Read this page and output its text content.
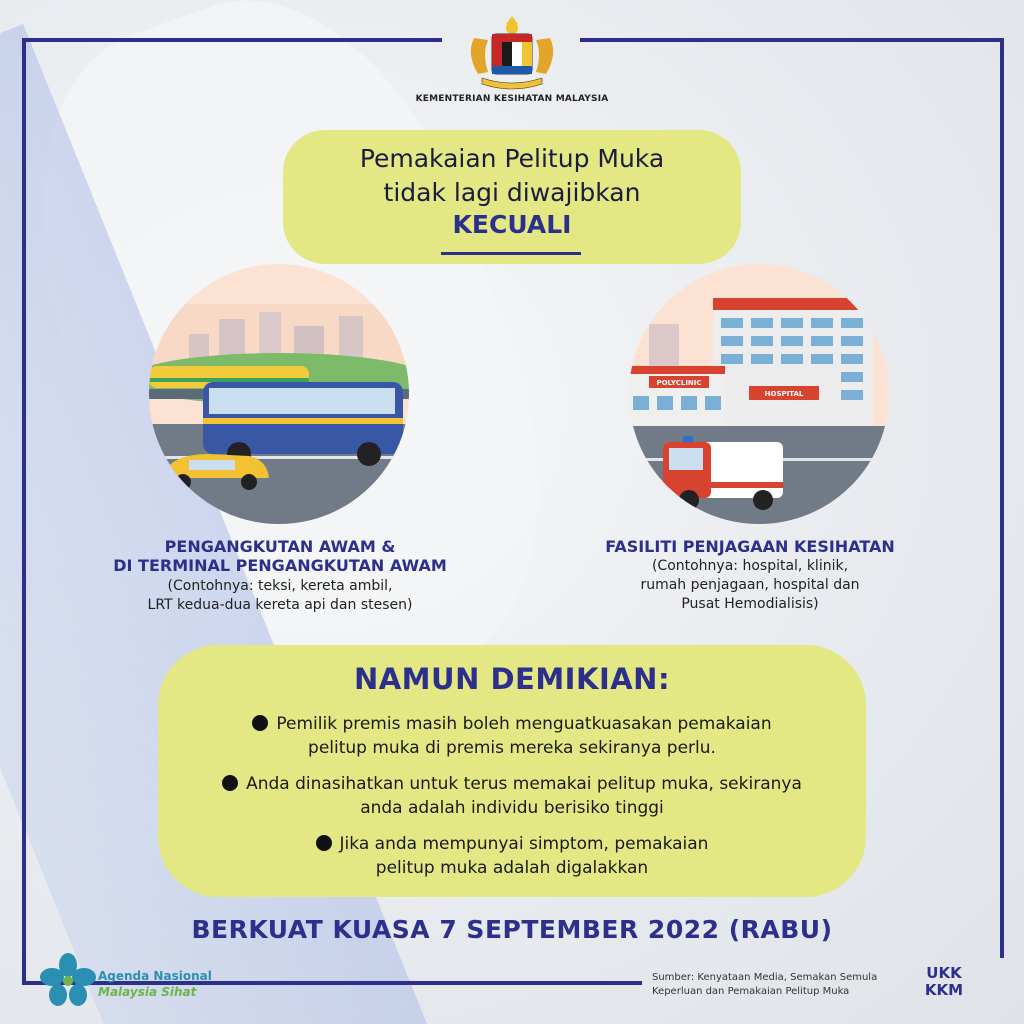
KEMENTERIAN KESIHATAN MALAYSIA
Pemakaian Pelitup Muka
tidak lagi diwajibkan
KECUALI
HOSPITAL
POLYCLINIC
PENGANGKUTAN AWAM &
DI TERMINAL PENGANGKUTAN AWAM
(Contohnya: teksi, kereta ambil,
LRT kedua-dua kereta api dan stesen)
FASILITI PENJAGAAN KESIHATAN
(Contohnya: hospital, klinik,
rumah penjagaan, hospital dan
Pusat Hemodialisis)
NAMUN DEMIKIAN:
Pemilik premis masih boleh menguatkuasakan pemakaian
pelitup muka di premis mereka sekiranya perlu.
Anda dinasihatkan untuk terus memakai pelitup muka, sekiranya
anda adalah individu berisiko tinggi
Jika anda mempunyai simptom, pemakaian
pelitup muka adalah digalakkan
BERKUAT KUASA 7 SEPTEMBER 2022 (RABU)
Agenda Nasional
Malaysia Sihat
Sumber: Kenyataan Media, Semakan Semula Keperluan dan Pemakaian Pelitup Muka
UKK
KKM
